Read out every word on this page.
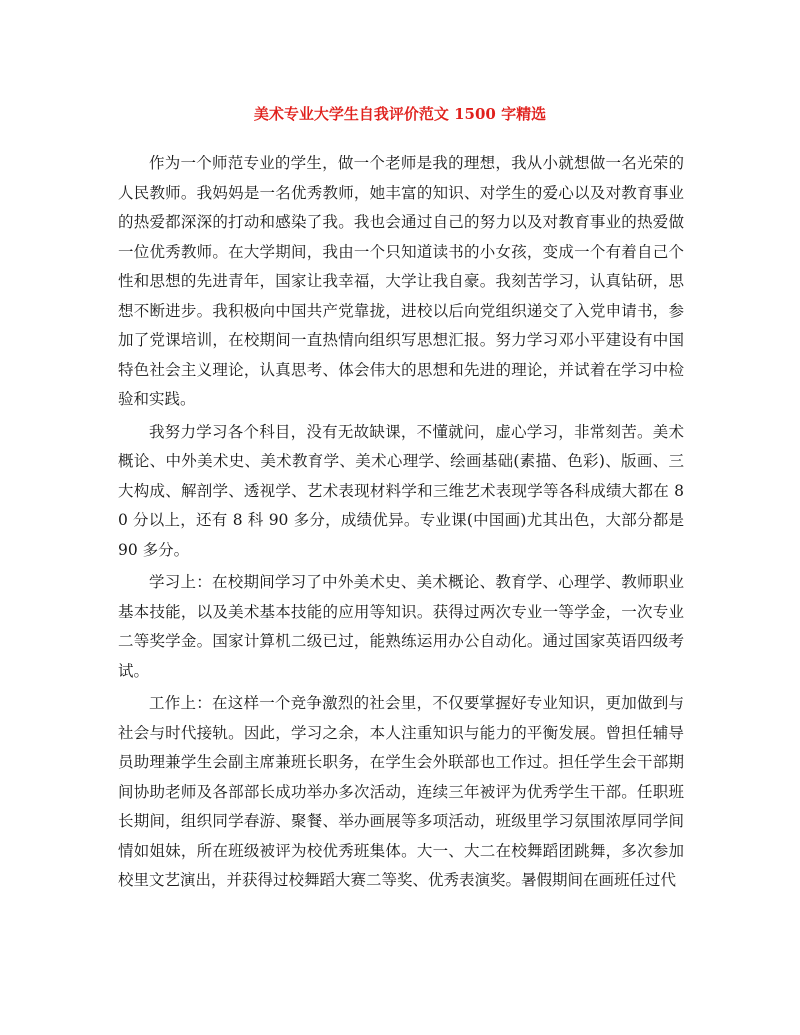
美术专业大学生自我评价范文 1500 字精选

作为一个师范专业的学生，做一个老师是我的理想，我从小就想做一名光荣的人民教师。我妈妈是一名优秀教师，她丰富的知识、对学生的爱心以及对教育事业的热爱都深深的打动和感染了我。我也会通过自己的努力以及对教育事业的热爱做一位优秀教师。在大学期间，我由一个只知道读书的小女孩，变成一个有着自己个性和思想的先进青年，国家让我幸福，大学让我自豪。我刻苦学习，认真钻研，思想不断进步。我积极向中国共产党靠拢，进校以后向党组织递交了入党申请书，参加了党课培训，在校期间一直热情向组织写思想汇报。努力学习邓小平建设有中国特色社会主义理论，认真思考、体会伟大的思想和先进的理论，并试着在学习中检验和实践。

我努力学习各个科目，没有无故缺课，不懂就问，虚心学习，非常刻苦。美术概论、中外美术史、美术教育学、美术心理学、绘画基础(素描、色彩)、版画、三大构成、解剖学、透视学、艺术表现材料学和三维艺术表现学等各科成绩大都在 80 分以上，还有 8 科 90 多分，成绩优异。专业课(中国画)尤其出色，大部分都是 90 多分。

学习上：在校期间学习了中外美术史、美术概论、教育学、心理学、教师职业基本技能，以及美术基本技能的应用等知识。获得过两次专业一等学金，一次专业二等奖学金。国家计算机二级已过，能熟练运用办公自动化。通过国家英语四级考试。

工作上：在这样一个竞争激烈的社会里，不仅要掌握好专业知识，更加做到与社会与时代接轨。因此，学习之余，本人注重知识与能力的平衡发展。曾担任辅导员助理兼学生会副主席兼班长职务，在学生会外联部也工作过。担任学生会干部期间协助老师及各部部长成功举办多次活动，连续三年被评为优秀学生干部。任职班长期间，组织同学春游、聚餐、举办画展等多项活动，班级里学习氛围浓厚同学间情如姐妹，所在班级被评为校优秀班集体。大一、大二在校舞蹈团跳舞，多次参加校里文艺演出，并获得过校舞蹈大赛二等奖、优秀表演奖。暑假期间在画班任过代
